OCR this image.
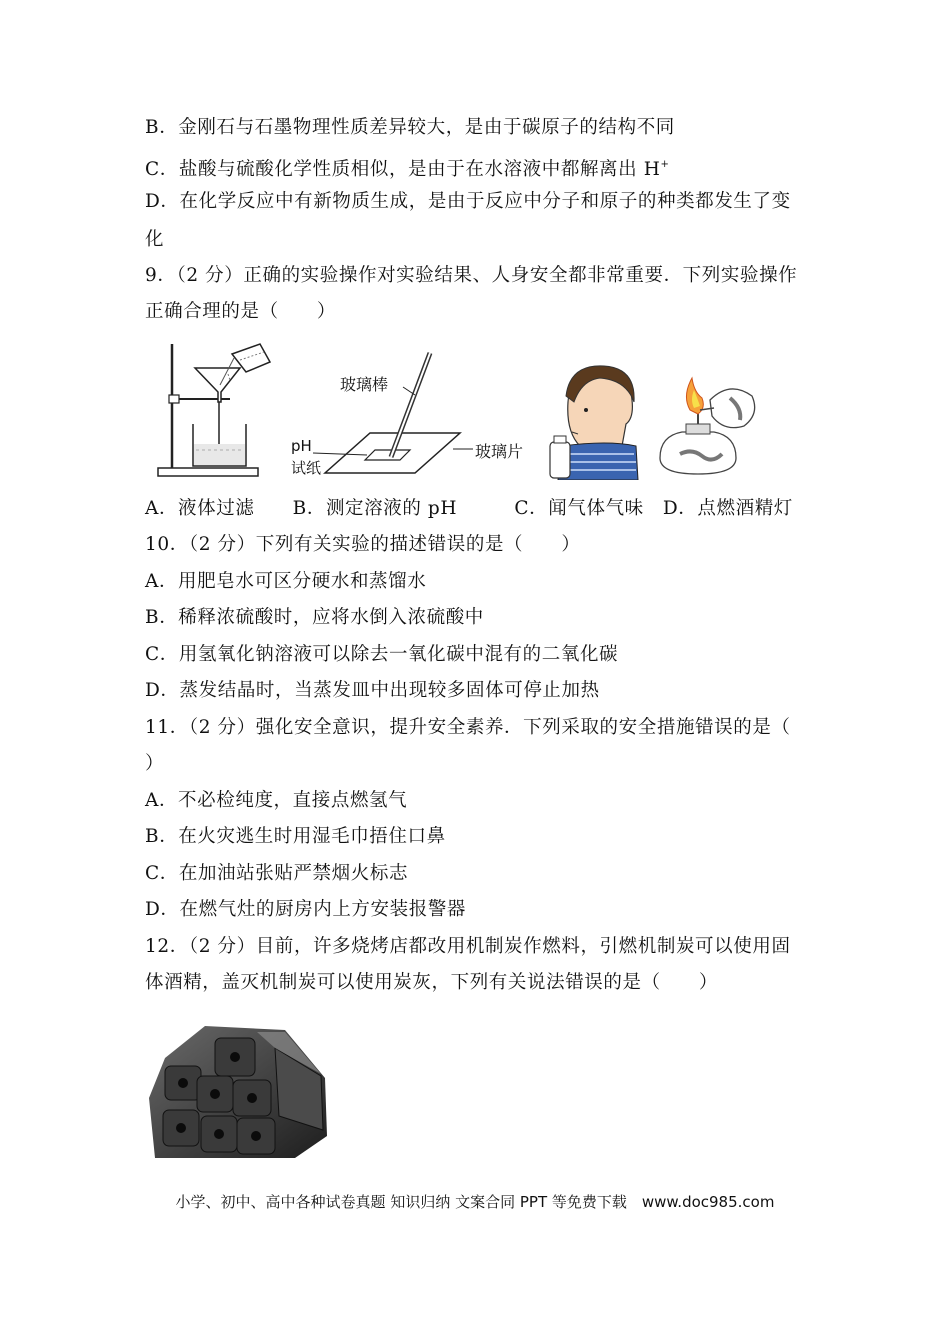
B．金刚石与石墨物理性质差异较大，是由于碳原子的结构不同
C．盐酸与硫酸化学性质相似，是由于在水溶液中都解离出 H+
D．在化学反应中有新物质生成，是由于反应中分子和原子的种类都发生了变
化
9．（2 分）正确的实验操作对实验结果、人身安全都非常重要．下列实验操作
正确合理的是（　　）
玻璃棒
pH
试纸
玻璃片
A．液体过滤　　B．测定溶液的 pH　　　C．闻气体气味　D．点燃酒精灯
10．（2 分）下列有关实验的描述错误的是（　　）
A．用肥皂水可区分硬水和蒸馏水
B．稀释浓硫酸时，应将水倒入浓硫酸中
C．用氢氧化钠溶液可以除去一氧化碳中混有的二氧化碳
D．蒸发结晶时，当蒸发皿中出现较多固体可停止加热
11．（2 分）强化安全意识，提升安全素养．下列采取的安全措施错误的是（
）
A．不必检纯度，直接点燃氢气
B．在火灾逃生时用湿毛巾捂住口鼻
C．在加油站张贴严禁烟火标志
D．在燃气灶的厨房内上方安装报警器
12．（2 分）目前，许多烧烤店都改用机制炭作燃料，引燃机制炭可以使用固
体酒精，盖灭机制炭可以使用炭灰，下列有关说法错误的是（　　）
小学、初中、高中各种试卷真题 知识归纳 文案合同 PPT 等免费下载　www.doc985.com
